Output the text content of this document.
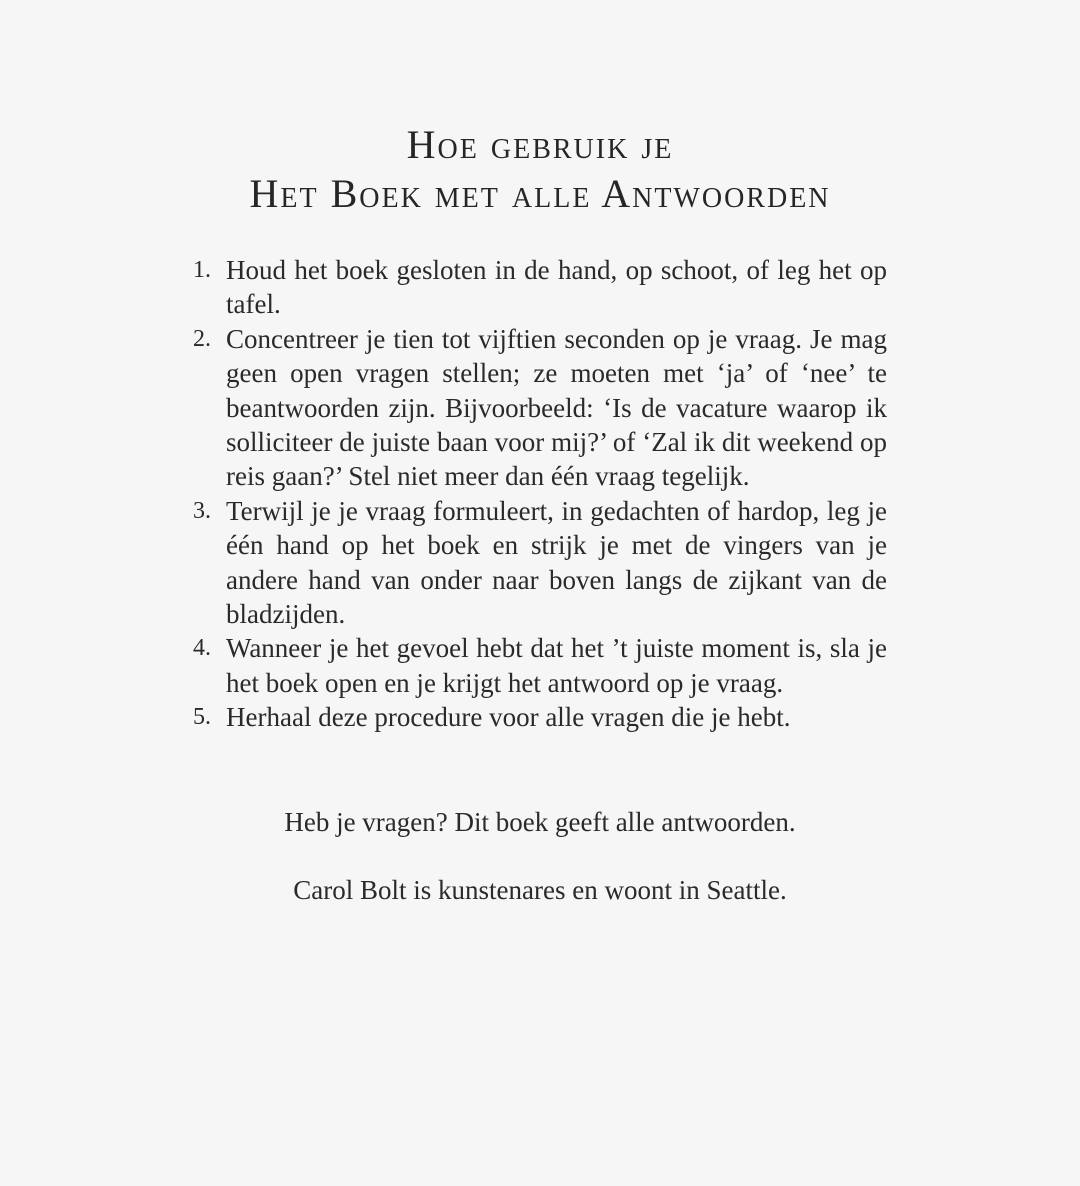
Hoe gebruik je
Het Boek met alle Antwoorden
1. Houd het boek gesloten in de hand, op schoot, of leg het op tafel.
2. Concentreer je tien tot vijftien seconden op je vraag. Je mag geen open vragen stellen; ze moeten met ‘ja’ of ‘nee’ te beantwoorden zijn. Bijvoorbeeld: ‘Is de vacature waarop ik solliciteer de juiste baan voor mij?’ of ‘Zal ik dit weekend op reis gaan?’ Stel niet meer dan één vraag tegelijk.
3. Terwijl je je vraag formuleert, in gedachten of hardop, leg je één hand op het boek en strijk je met de vingers van je andere hand van onder naar boven langs de zijkant van de bladzijden.
4. Wanneer je het gevoel hebt dat het ’t juiste moment is, sla je het boek open en je krijgt het antwoord op je vraag.
5. Herhaal deze procedure voor alle vragen die je hebt.

Heb je vragen? Dit boek geeft alle antwoorden.

Carol Bolt is kunstenares en woont in Seattle.
